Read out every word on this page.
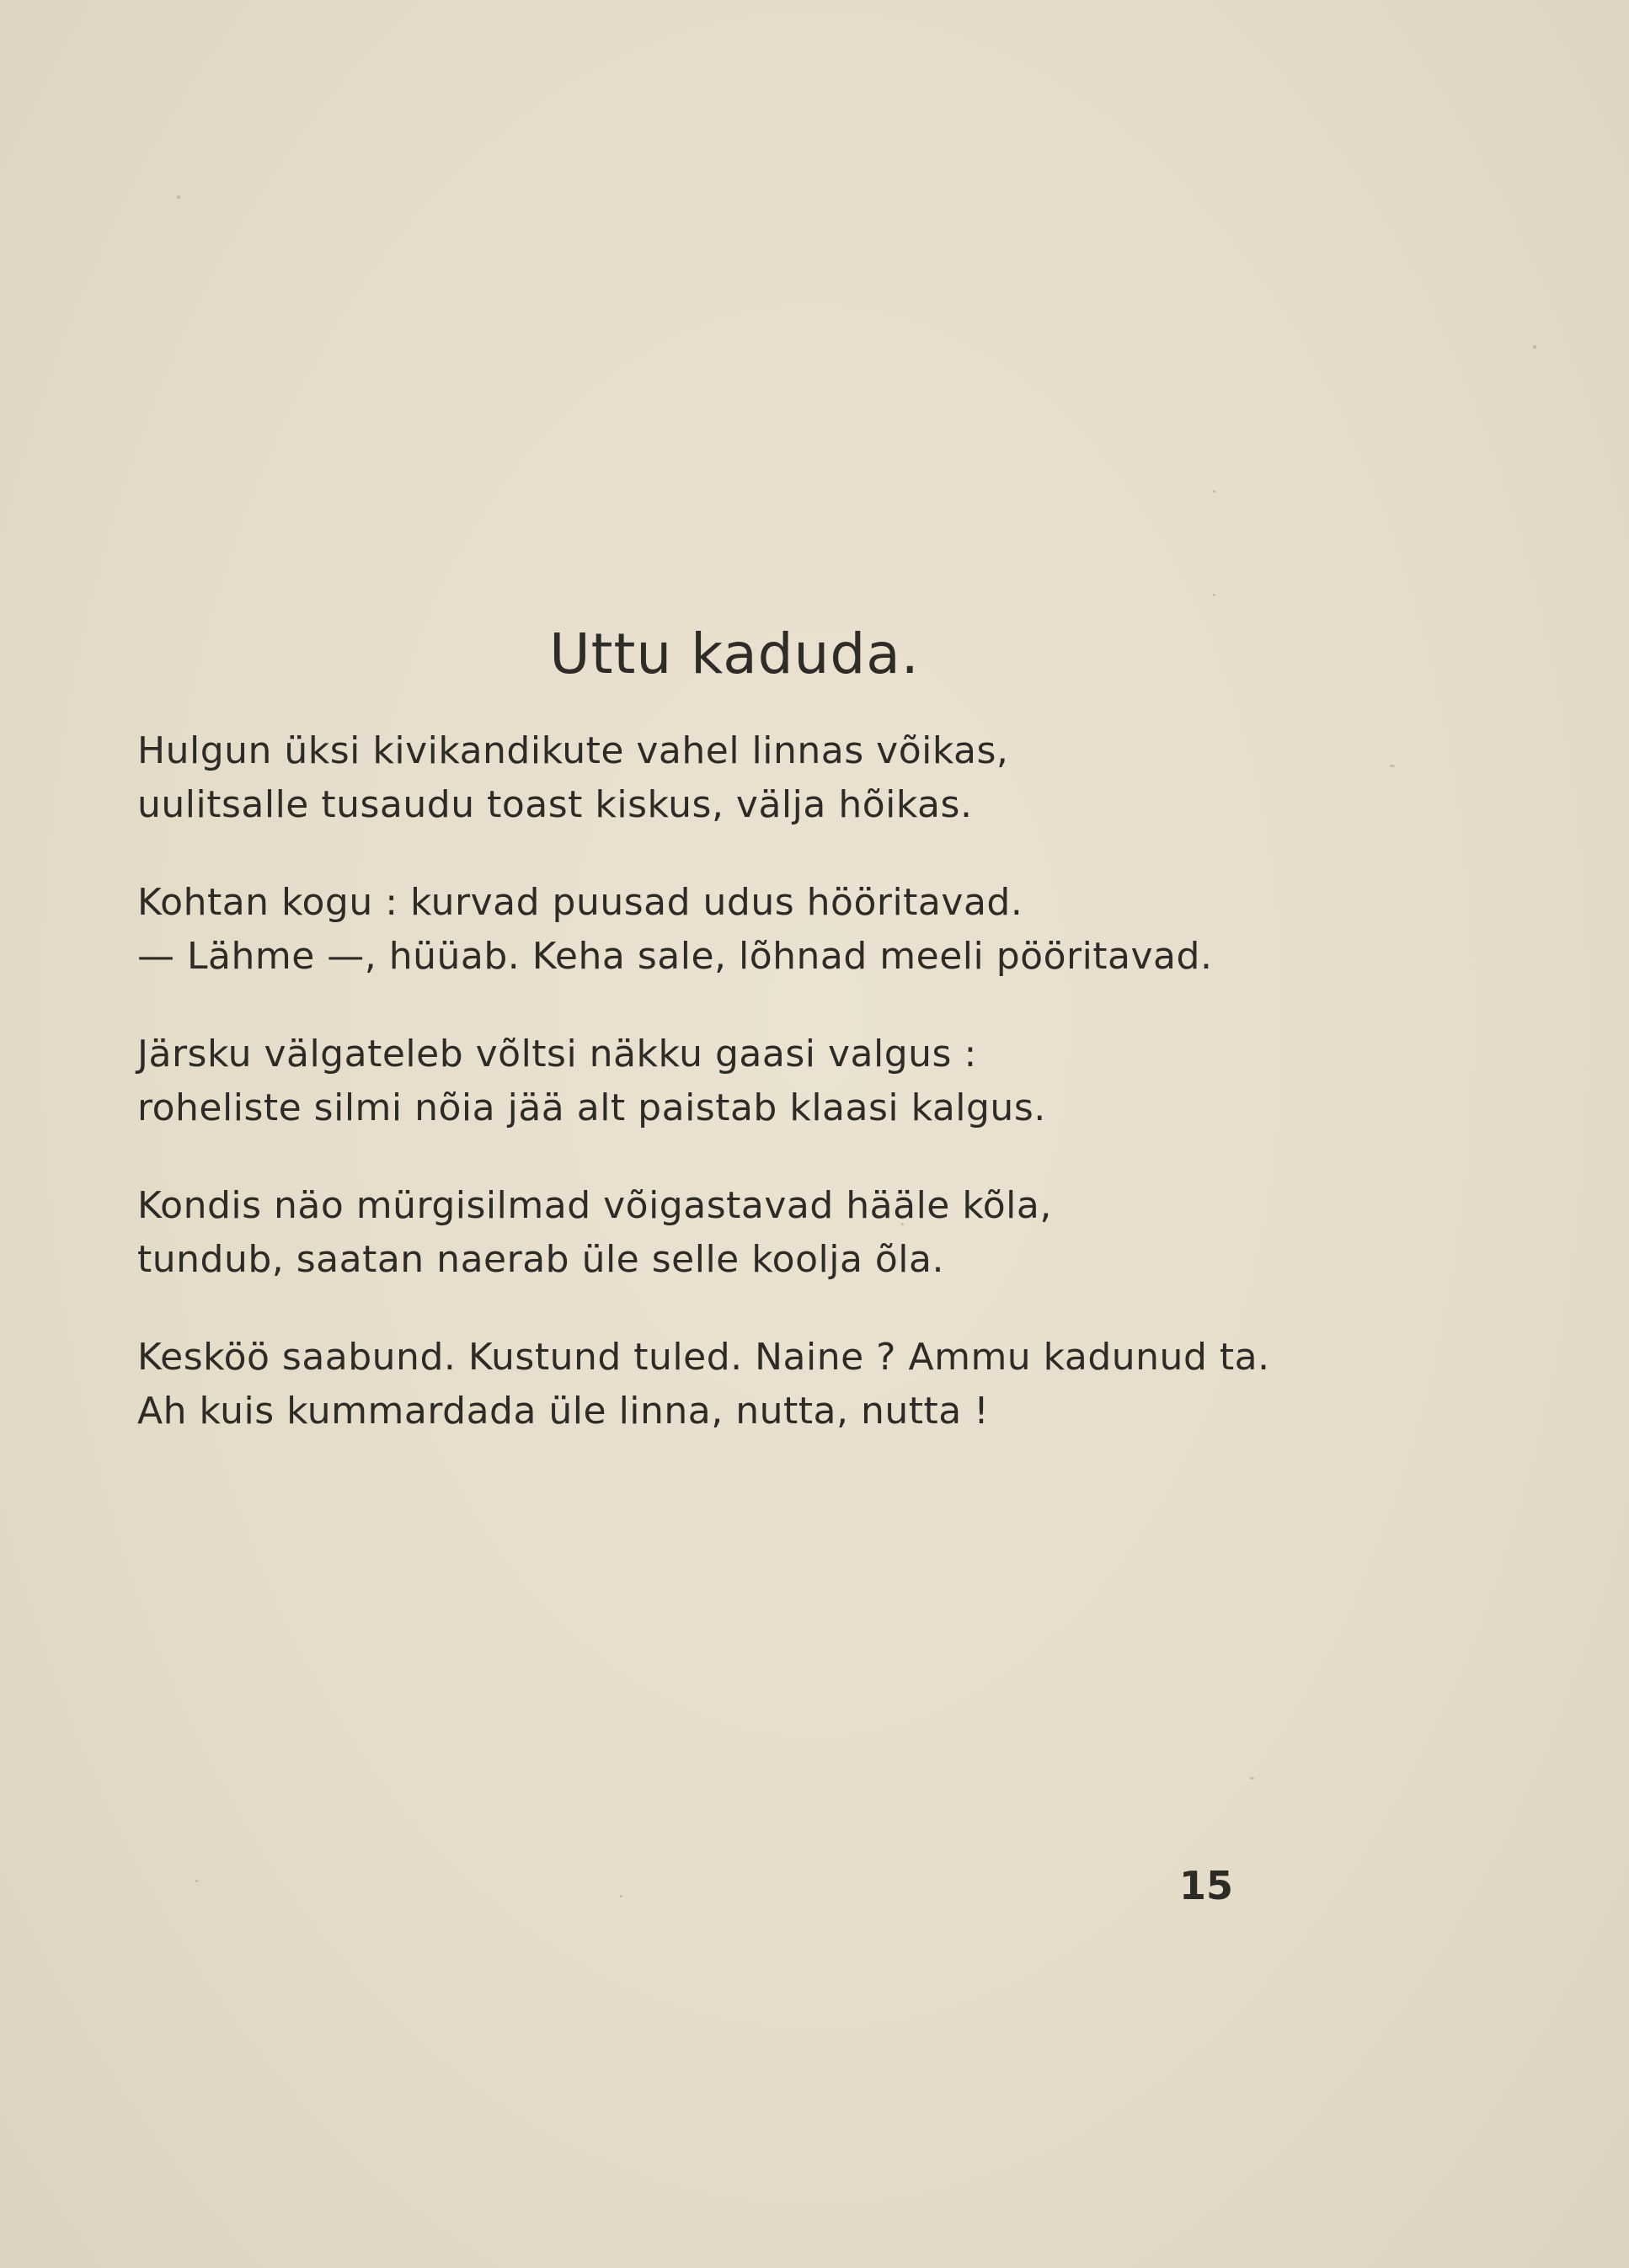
Uttu kaduda.
Hulgun üksi kivikandikute vahel linnas võikas,
uulitsalle tusaudu toast kiskus, välja hõikas.
Kohtan kogu : kurvad puusad udus hööritavad.
— Lähme —, hüüab. Keha sale, lõhnad meeli pööritavad.
Järsku välgateleb võltsi näkku gaasi valgus :
roheliste silmi nõia jää alt paistab klaasi kalgus.
Kondis näo mürgisilmad võigastavad hääle kõla,
tundub, saatan naerab üle selle koolja õla.
Kesköö saabund. Kustund tuled. Naine ? Ammu kadunud ta.
Ah kuis kummardada üle linna, nutta, nutta !
15
